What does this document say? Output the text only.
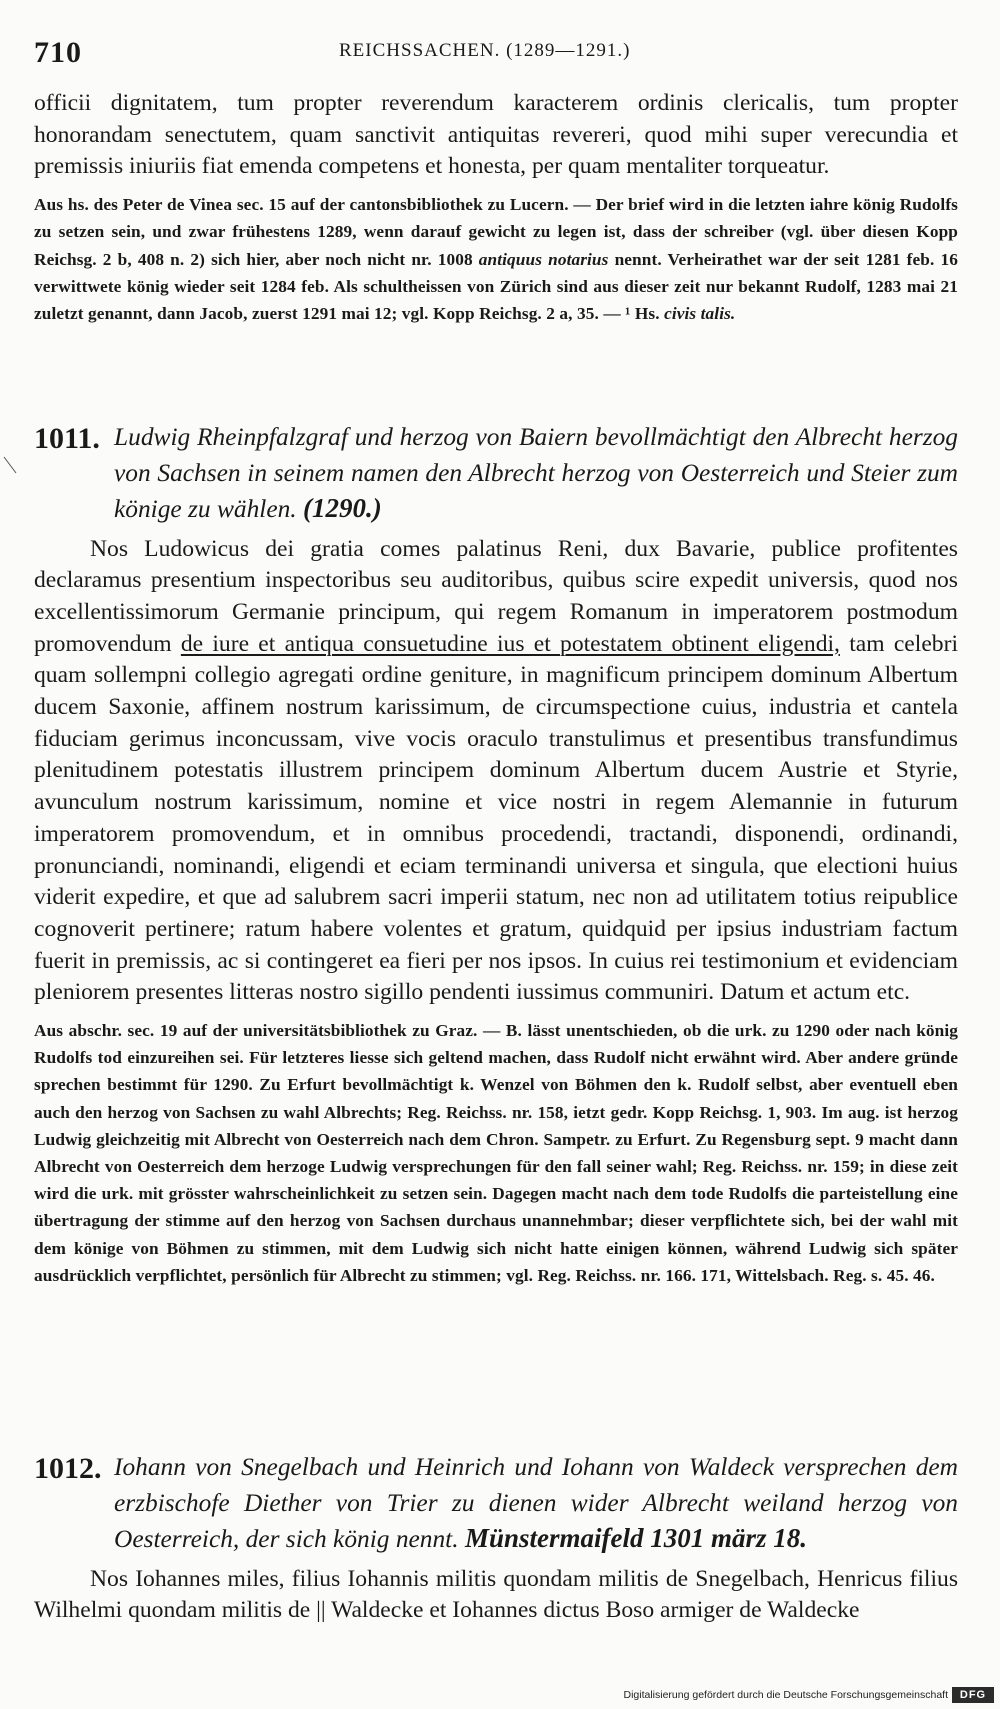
710	REICHSSACHEN. (1289—1291.)

officii dignitatem, tum propter reverendum karacterem ordinis clericalis, tum propter honorandam senectutem, quam sanctivit antiquitas revereri, quod mihi super verecundia et premissis iniuriis fiat emenda competens et honesta, per quam mentaliter torqueatur.

Aus hs. des Peter de Vinea sec. 15 auf der cantonsbibliothek zu Lucern. — Der brief wird in die letzten iahre könig Rudolfs zu setzen sein, und zwar frühestens 1289, wenn darauf gewicht zu legen ist, dass der schreiber (vgl. über diesen Kopp Reichsg. 2 b, 408 n. 2) sich hier, aber noch nicht nr. 1008 antiquus notarius nennt. Verheirathet war der seit 1281 feb. 16 verwittwete könig wieder seit 1284 feb. Als schultheissen von Zürich sind aus dieser zeit nur bekannt Rudolf, 1283 mai 21 zuletzt genannt, dann Jacob, zuerst 1291 mai 12; vgl. Kopp Reichsg. 2 a, 35. — ¹ Hs. civis talis.

1011. Ludwig Rheinpfalzgraf und herzog von Baiern bevollmächtigt den Albrecht herzog von Sachsen in seinem namen den Albrecht herzog von Oesterreich und Steier zum könige zu wählen. (1290.)

Nos Ludowicus dei gratia comes palatinus Reni, dux Bavarie, publice profitentes declaramus presentium inspectoribus seu auditoribus, quibus scire expedit universis, quod nos excellentissimorum Germanie principum, qui regem Romanum in imperatorem postmodum promovendum de iure et antiqua consuetudine ius et potestatem obtinent eligendi, tam celebri quam sollempni collegio agregati ordine geniture, in magnificum principem dominum Albertum ducem Saxonie, affinem nostrum karissimum, de circumspectione cuius, industria et cantela fiduciam gerimus inconcussam, vive vocis oraculo transtulimus et presentibus transfundimus plenitudinem potestatis illustrem principem dominum Albertum ducem Austrie et Styrie, avunculum nostrum karissimum, nomine et vice nostri in regem Alemannie in futurum imperatorem promovendum, et in omnibus procedendi, tractandi, disponendi, ordinandi, pronunciandi, nominandi, eligendi et eciam terminandi universa et singula, que electioni huius viderit expedire, et que ad salubrem sacri imperii statum, nec non ad utilitatem totius reipublice cognoverit pertinere; ratum habere volentes et gratum, quidquid per ipsius industriam factum fuerit in premissis, ac si contingeret ea fieri per nos ipsos. In cuius rei testimonium et evidenciam pleniorem presentes litteras nostro sigillo pendenti iussimus communiri. Datum et actum etc.

Aus abschr. sec. 19 auf der universitätsbibliothek zu Graz. — B. lässt unentschieden, ob die urk. zu 1290 oder nach könig Rudolfs tod einzureihen sei. Für letzteres liesse sich geltend machen, dass Rudolf nicht erwähnt wird. Aber andere gründe sprechen bestimmt für 1290. Zu Erfurt bevollmächtigt k. Wenzel von Böhmen den k. Rudolf selbst, aber eventuell eben auch den herzog von Sachsen zu wahl Albrechts; Reg. Reichss. nr. 158, ietzt gedr. Kopp Reichsg. 1, 903. Im aug. ist herzog Ludwig gleichzeitig mit Albrecht von Oesterreich nach dem Chron. Sampetr. zu Erfurt. Zu Regensburg sept. 9 macht dann Albrecht von Oesterreich dem herzoge Ludwig versprechungen für den fall seiner wahl; Reg. Reichss. nr. 159; in diese zeit wird die urk. mit grösster wahrscheinlichkeit zu setzen sein. Dagegen macht nach dem tode Rudolfs die parteistellung eine übertragung der stimme auf den herzog von Sachsen durchaus unannehmbar; dieser verpflichtete sich, bei der wahl mit dem könige von Böhmen zu stimmen, mit dem Ludwig sich nicht hatte einigen können, während Ludwig sich später ausdrücklich verpflichtet, persönlich für Albrecht zu stimmen; vgl. Reg. Reichss. nr. 166. 171, Wittelsbach. Reg. s. 45. 46.

1012. Iohann von Snegelbach und Heinrich und Iohann von Waldeck versprechen dem erzbischofe Diether von Trier zu dienen wider Albrecht weiland herzog von Oesterreich, der sich könig nennt. Münstermaifeld 1301 märz 18.

Nos Iohannes miles, filius Iohannis militis quondam militis de Snegelbach, Henricus filius Wilhelmi quondam militis de || Waldecke et Iohannes dictus Boso armiger de Waldecke

Digitalisierung gefördert durch die Deutsche Forschungsgemeinschaft	DFG
